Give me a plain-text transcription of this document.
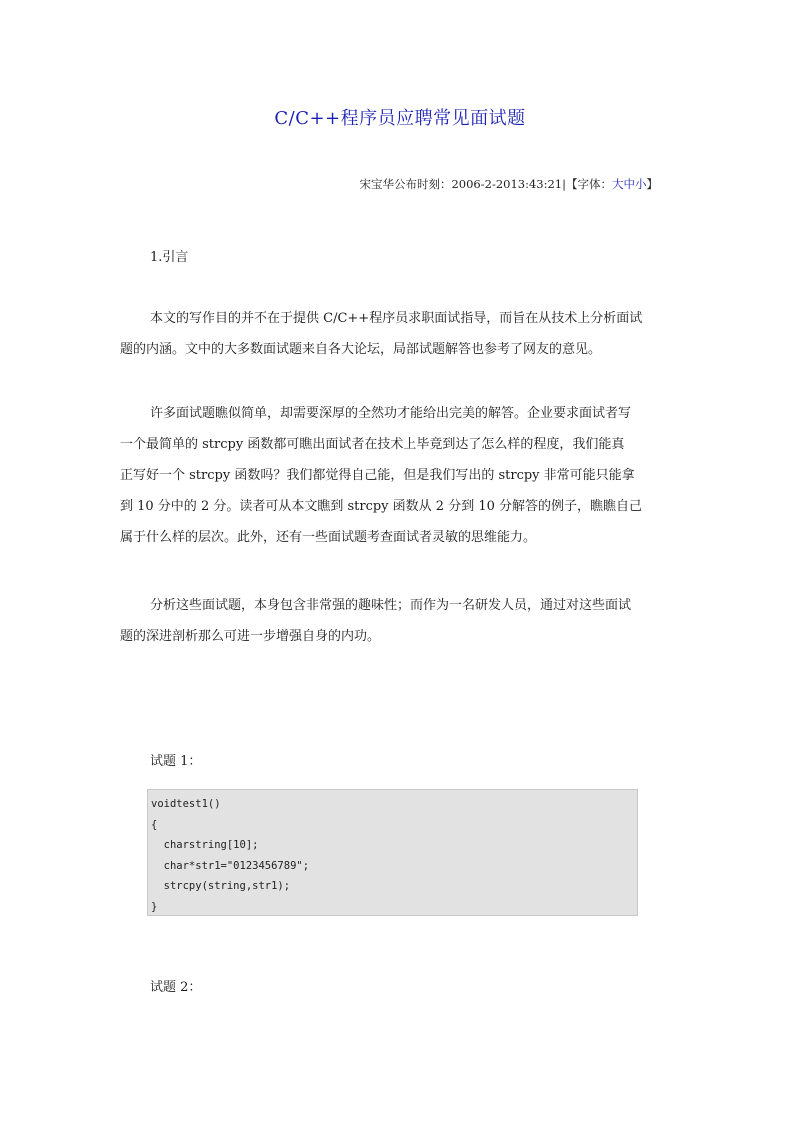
C/C++程序员应聘常见面试题
宋宝华公布时刻：2006-2-2013:43:21|【字体：大中小】
1.引言
本文的写作目的并不在于提供 C/C++程序员求职面试指导，而旨在从技术上分析面试
题的内涵。文中的大多数面试题来自各大论坛，局部试题解答也参考了网友的意见。
许多面试题瞧似简单，却需要深厚的全然功才能给出完美的解答。企业要求面试者写
一个最简单的 strcpy 函数都可瞧出面试者在技术上毕竟到达了怎么样的程度，我们能真
正写好一个 strcpy 函数吗？我们都觉得自己能，但是我们写出的 strcpy 非常可能只能拿
到 10 分中的 2 分。读者可从本文瞧到 strcpy 函数从 2 分到 10 分解答的例子，瞧瞧自己
属于什么样的层次。此外，还有一些面试题考查面试者灵敏的思维能力。
分析这些面试题，本身包含非常强的趣味性；而作为一名研发人员，通过对这些面试
题的深进剖析那么可进一步增强自身的内功。
试题 1：
voidtest1()
{
charstring[10];
char*str1="0123456789";
strcpy(string,str1);
}
试题 2：
